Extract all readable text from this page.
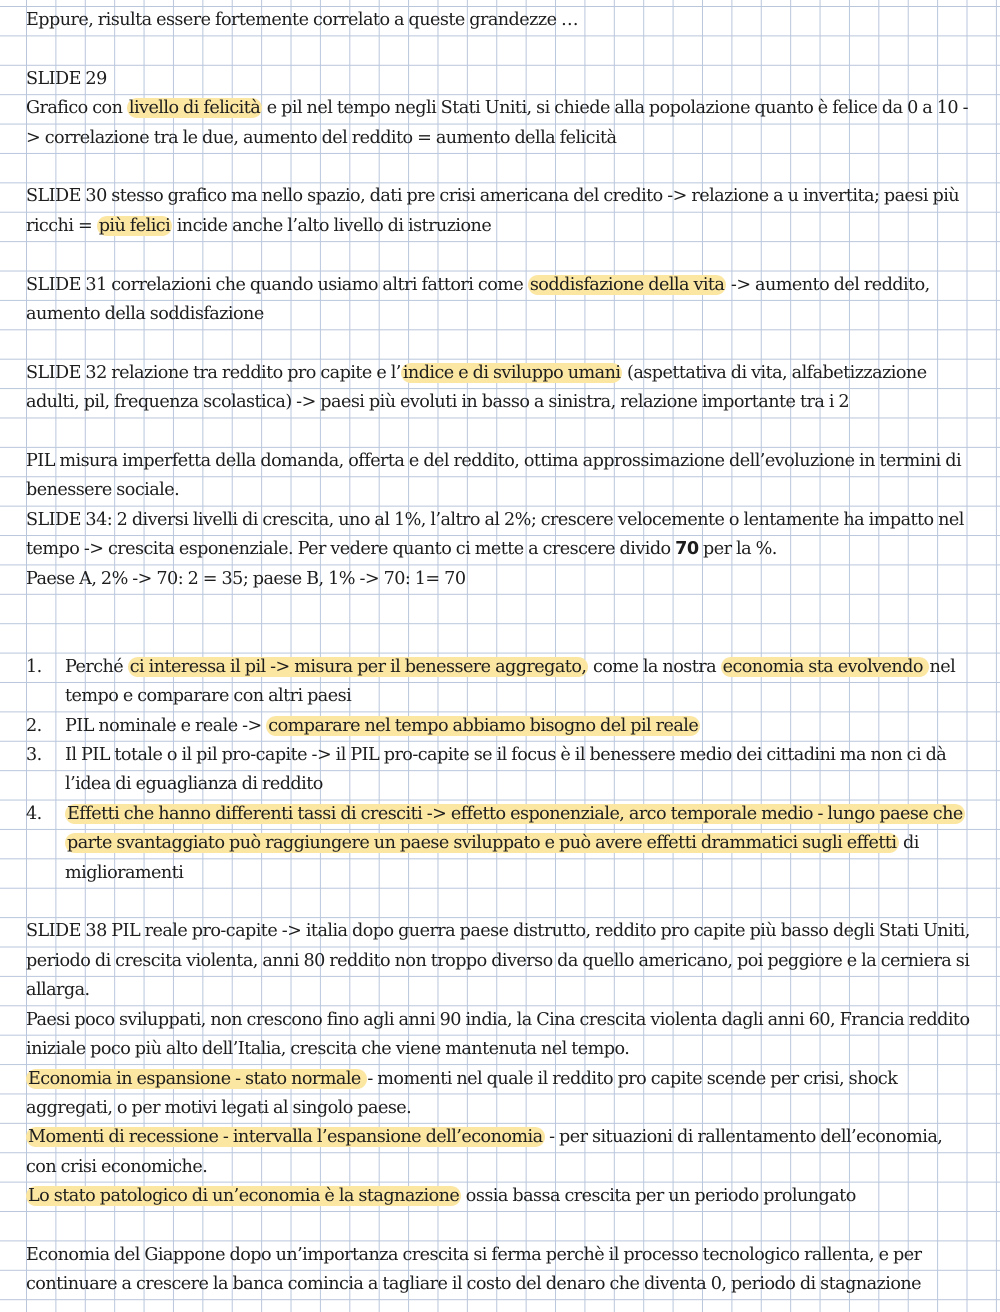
Eppure, risulta essere fortemente correlato a queste grandezze …

SLIDE 29

Grafico con livello di felicità e pil nel tempo negli Stati Uniti, si chiede alla popolazione quanto è felice da 0 a 10 -> correlazione tra le due, aumento del reddito = aumento della felicità

SLIDE 30 stesso grafico ma nello spazio, dati pre crisi americana del credito -> relazione a u invertita; paesi più ricchi = più felici incide anche l’alto livello di istruzione

SLIDE 31 correlazioni che quando usiamo altri fattori come soddisfazione della vita -> aumento del reddito, aumento della soddisfazione

SLIDE 32 relazione tra reddito pro capite e l’ indice e di sviluppo umani (aspettativa di vita, alfabetizzazione adulti, pil, frequenza scolastica) -> paesi più evoluti in basso a sinistra, relazione importante tra i 2

PIL misura imperfetta della domanda, offerta e del reddito, ottima approssimazione dell’evoluzione in termini di benessere sociale.

SLIDE 34: 2 diversi livelli di crescita, uno al 1%, l’altro al 2%; crescere velocemente o lentamente ha impatto nel tempo -> crescita esponenziale. Per vedere quanto ci mette a crescere divido 70 per la %.

Paese A, 2% -> 70: 2 = 35; paese B, 1% -> 70: 1= 70

1. Perché ci interessa il pil -> misura per il benessere aggregato, come la nostra economia sta evolvendo nel tempo e comparare con altri paesi
2. PIL nominale e reale -> comparare nel tempo abbiamo bisogno del pil reale
3. Il PIL totale o il pil pro-capite -> il PIL pro-capite se il focus è il benessere medio dei cittadini ma non ci dà l’idea di eguaglianza di reddito
4. Effetti che hanno differenti tassi di cresciti -> effetto esponenziale, arco temporale medio - lungo paese che parte svantaggiato può raggiungere un paese sviluppato e può avere effetti drammatici sugli effetti di miglioramenti

SLIDE 38 PIL reale pro-capite -> italia dopo guerra paese distrutto, reddito pro capite più basso degli Stati Uniti, periodo di crescita violenta, anni 80 reddito non troppo diverso da quello americano, poi peggiore e la cerniera si allarga.

Paesi poco sviluppati, non crescono fino agli anni 90 india, la Cina crescita violenta dagli anni 60, Francia reddito iniziale poco più alto dell’Italia, crescita che viene mantenuta nel tempo.

Economia in espansione - stato normale - momenti nel quale il reddito pro capite scende per crisi, shock aggregati, o per motivi legati al singolo paese.

Momenti di recessione - intervalla l’espansione dell’economia - per situazioni di rallentamento dell’economia, con crisi economiche.

Lo stato patologico di un’economia è la stagnazione ossia bassa crescita per un periodo prolungato

Economia del Giappone dopo un’importanza crescita si ferma perchè il processo tecnologico rallenta, e per continuare a crescere la banca comincia a tagliare il costo del denaro che diventa 0, periodo di stagnazione
